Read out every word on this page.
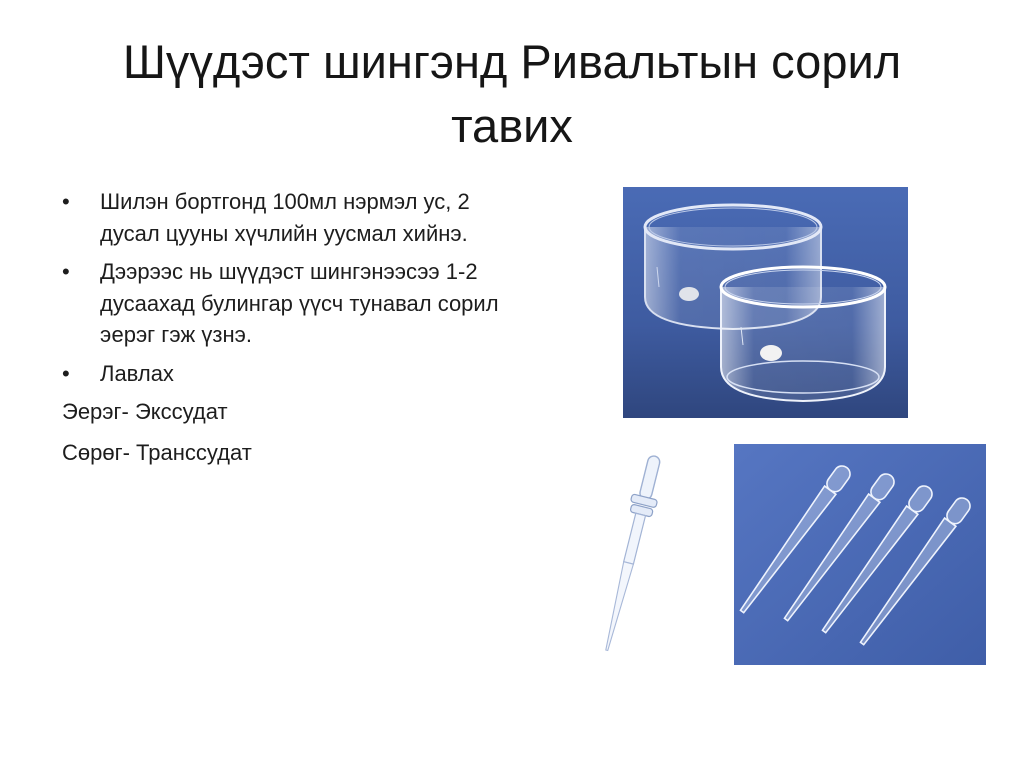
Шүүдэст шингэнд Ривальтын сорил
тавих
• Шилэн бортгонд 100мл нэрмэл ус, 2 дусал цууны хүчлийн уусмал хийнэ.
• Дээрээс нь шүүдэст шингэнээсээ 1-2 дусаахад булингар үүсч тунавал сорил эерэг гэж үзнэ.
• Лавлах
Эерэг- Экссудат
Сөрөг- Транссудат
